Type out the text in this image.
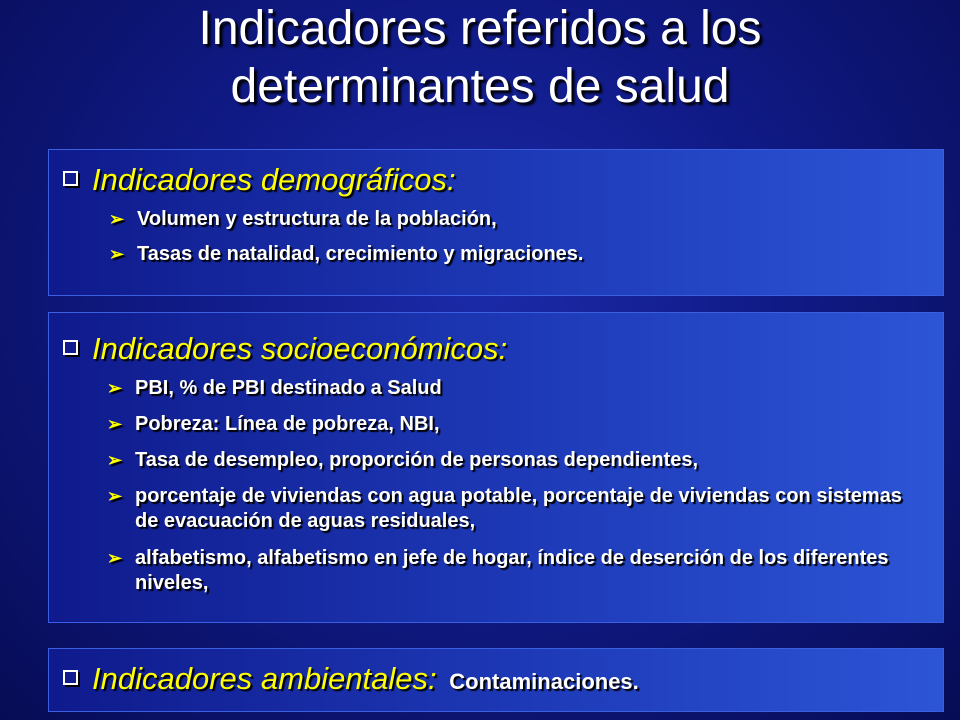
Indicadores referidos a los
determinantes de salud
Indicadores demográficos:
➢ Volumen y estructura de la población,
➢ Tasas de natalidad, crecimiento y migraciones.
Indicadores socioeconómicos:
➢ PBI, % de PBI destinado a Salud
➢ Pobreza: Línea de pobreza, NBI,
➢ Tasa de desempleo, proporción de personas dependientes,
➢ porcentaje de viviendas con agua potable, porcentaje de viviendas con sistemas de evacuación de aguas residuales,
➢ alfabetismo, alfabetismo en jefe de hogar, índice de deserción de los diferentes niveles,
Indicadores ambientales: Contaminaciones.
